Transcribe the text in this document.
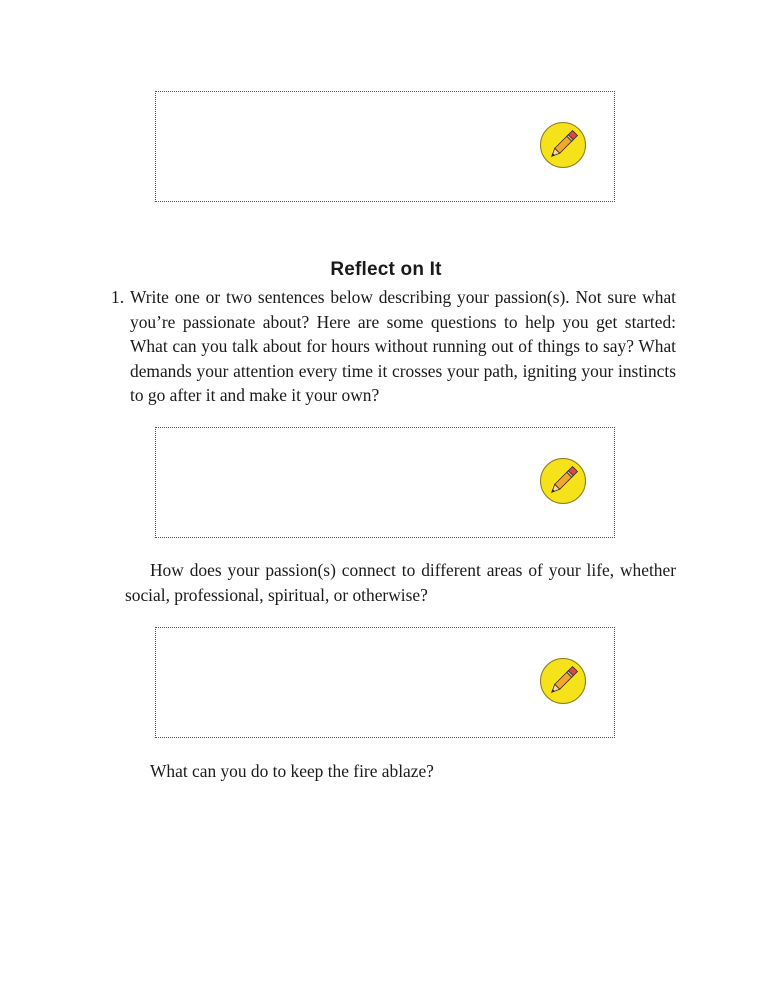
Reflect on It
1. Write one or two sentences below describing your passion(s). Not sure what you’re passionate about? Here are some questions to help you get started: What can you talk about for hours without running out of things to say? What demands your attention every time it crosses your path, igniting your instincts to go after it and make it your own?
How does your passion(s) connect to different areas of your life, whether social, professional, spiritual, or otherwise?
What can you do to keep the fire ablaze?
